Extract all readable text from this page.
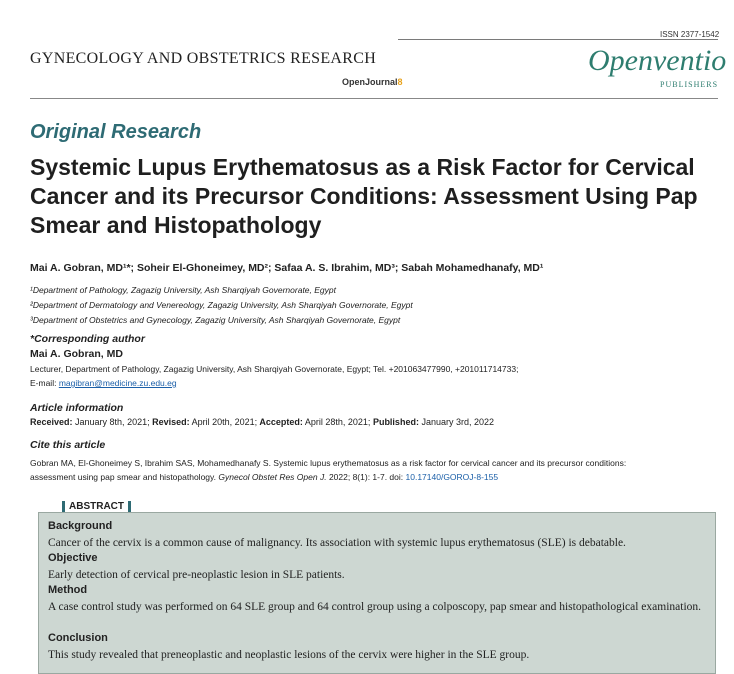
ISSN 2377-1542
GYNECOLOGY AND OBSTETRICS RESEARCH
OpenJournal8
Openventio
PUBLISHERS
Original Research
Systemic Lupus Erythematosus as a Risk Factor for Cervical Cancer and its Precursor Conditions: Assessment Using Pap Smear and Histopathology
Mai A. Gobran, MD¹*; Soheir El-Ghoneimey, MD²; Safaa A. S. Ibrahim, MD³; Sabah Mohamedhanafy, MD¹
¹Department of Pathology, Zagazig University, Ash Sharqiyah Governorate, Egypt
²Department of Dermatology and Venereology, Zagazig University, Ash Sharqiyah Governorate, Egypt
³Department of Obstetrics and Gynecology, Zagazig University, Ash Sharqiyah Governorate, Egypt
*Corresponding author
Mai A. Gobran, MD
Lecturer, Department of Pathology, Zagazig University, Ash Sharqiyah Governorate, Egypt; Tel. +201063477990, +201011714733;
E-mail: magibran@medicine.zu.edu.eg
Article information
Received: January 8th, 2021; Revised: April 20th, 2021; Accepted: April 28th, 2021; Published: January 3rd, 2022
Cite this article
Gobran MA, El-Ghoneimey S, Ibrahim SAS, Mohamedhanafy S. Systemic lupus erythematosus as a risk factor for cervical cancer and its precursor conditions:
assessment using pap smear and histopathology. Gynecol Obstet Res Open J. 2022; 8(1): 1-7. doi: 10.17140/GOROJ-8-155
ABSTRACT
Background
Cancer of the cervix is a common cause of malignancy. Its association with systemic lupus erythematosus (SLE) is debatable.
Objective
Early detection of cervical pre-neoplastic lesion in SLE patients.
Method
A case control study was performed on 64 SLE group and 64 control group using a colposcopy, pap smear and histopathological examination.
Conclusion
This study revealed that preneoplastic and neoplastic lesions of the cervix were higher in the SLE group.
